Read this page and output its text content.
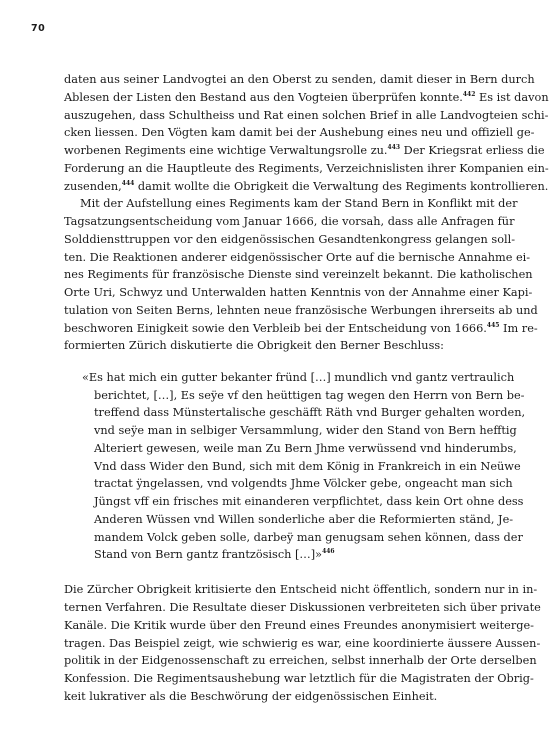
70
daten aus seiner Landvogtei an den Oberst zu senden, damit dieser in Bern durch
Ablesen der Listen den Bestand aus den Vogteien überprüfen konnte.$^{442}$ Es ist davon
auszugehen, dass Schultheiss und Rat einen solchen Brief in alle Landvogteien schi-
cken liessen. Den Vögten kam damit bei der Aushebung eines neu und offiziell ge-
worbenen Regiments eine wichtige Verwaltungsrolle zu.$^{443}$ Der Kriegsrat erliess die
Forderung an die Hauptleute des Regiments, Verzeichnislisten ihrer Kompanien ein-
zusenden,$^{444}$ damit wollte die Obrigkeit die Verwaltung des Regiments kontrollieren.
Mit der Aufstellung eines Regiments kam der Stand Bern in Konflikt mit der
Tagsatzungsentscheidung vom Januar 1666, die vorsah, dass alle Anfragen für
Solddiensttruppen vor den eidgenössischen Gesandtenkongress gelangen soll-
ten. Die Reaktionen anderer eidgenössischer Orte auf die bernische Annahme ei-
nes Regiments für französische Dienste sind vereinzelt bekannt. Die katholischen
Orte Uri, Schwyz und Unterwalden hatten Kenntnis von der Annahme einer Kapi-
tulation von Seiten Berns, lehnten neue französische Werbungen ihrerseits ab und
beschworen Einigkeit sowie den Verbleib bei der Entscheidung von 1666.$^{445}$ Im re-
formierten Zürich diskutierte die Obrigkeit den Berner Beschluss:
«Es hat mich ein gutter bekanter fründ […] mundlich vnd gantz vertraulich
berichtet, […], Es seÿe vf den heüttigen tag wegen den Herrn von Bern be-
treffend dass Münstertalische geschäfft Räth vnd Burger gehalten worden,
vnd seÿe man in selbiger Versammlung, wider den Stand von Bern hefftig
Alteriert gewesen, weile man Zu Bern Jhme verwüssend vnd hinderumbs,
Vnd dass Wider den Bund, sich mit dem König in Frankreich in ein Neüwe
tractat ÿngelassen, vnd volgendts Jhme Völcker gebe, ongeacht man sich
Jüngst vff ein frisches mit einanderen verpflichtet, dass kein Ort ohne dess
Anderen Wüssen vnd Willen sonderliche aber die Reformierten ständ, Je-
mandem Volck geben solle, darbeÿ man genugsam sehen können, dass der
Stand von Bern gantz frantzösisch […]»$^{446}$
Die Zürcher Obrigkeit kritisierte den Entscheid nicht öffentlich, sondern nur in in-
ternen Verfahren. Die Resultate dieser Diskussionen verbreiteten sich über private
Kanäle. Die Kritik wurde über den Freund eines Freundes anonymisiert weiterge-
tragen. Das Beispiel zeigt, wie schwierig es war, eine koordinierte äussere Aussen-
politik in der Eidgenossenschaft zu erreichen, selbst innerhalb der Orte derselben
Konfession. Die Regimentsaushebung war letztlich für die Magistraten der Obrig-
keit lukrativer als die Beschwörung der eidgenössischen Einheit.
